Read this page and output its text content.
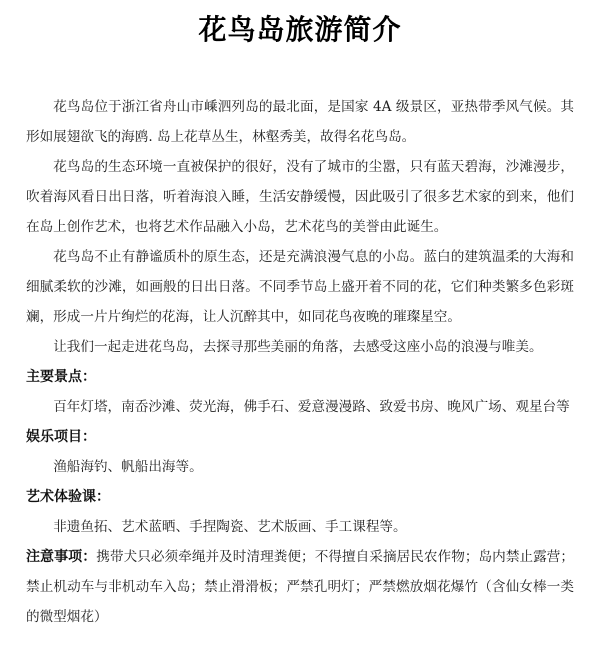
花鸟岛旅游简介

花鸟岛位于浙江省舟山市嵊泗列岛的最北面，是国家 4A 级景区，亚热带季风气候。其形如展翅欲飞的海鸥. 岛上花草丛生，林壑秀美，故得名花鸟岛。

花鸟岛的生态环境一直被保护的很好，没有了城市的尘嚣，只有蓝天碧海，沙滩漫步，吹着海风看日出日落，听着海浪入睡，生活安静缓慢，因此吸引了很多艺术家的到来，他们在岛上创作艺术，也将艺术作品融入小岛，艺术花鸟的美誉由此诞生。

花鸟岛不止有静谧质朴的原生态，还是充满浪漫气息的小岛。蓝白的建筑温柔的大海和细腻柔软的沙滩，如画般的日出日落。不同季节岛上盛开着不同的花，它们种类繁多色彩斑斓，形成一片片绚烂的花海，让人沉醉其中，如同花鸟夜晚的璀璨星空。

让我们一起走进花鸟岛，去探寻那些美丽的角落，去感受这座小岛的浪漫与唯美。

主要景点：

百年灯塔，南岙沙滩、荧光海，佛手石、爱意漫漫路、致爱书房、晚风广场、观星台等

娱乐项目：

渔船海钓、帆船出海等。

艺术体验课：

非遗鱼拓、艺术蓝晒、手捏陶瓷、艺术版画、手工课程等。

注意事项：携带犬只必须牵绳并及时清理粪便；不得擅自采摘居民农作物；岛内禁止露营；禁止机动车与非机动车入岛；禁止滑滑板；严禁孔明灯；严禁燃放烟花爆竹（含仙女棒一类的微型烟花）
